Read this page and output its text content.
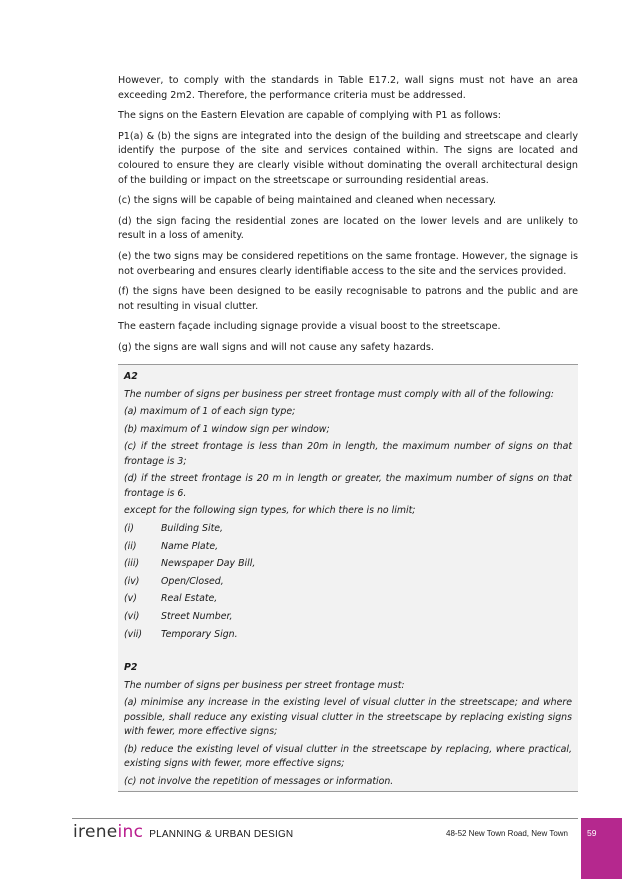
However, to comply with the standards in Table E17.2, wall signs must not have an area exceeding 2m2. Therefore, the performance criteria must be addressed.

The signs on the Eastern Elevation are capable of complying with P1 as follows:

P1(a) & (b) the signs are integrated into the design of the building and streetscape and clearly identify the purpose of the site and services contained within. The signs are located and coloured to ensure they are clearly visible without dominating the overall architectural design of the building or impact on the streetscape or surrounding residential areas.

(c) the signs will be capable of being maintained and cleaned when necessary.

(d) the sign facing the residential zones are located on the lower levels and are unlikely to result in a loss of amenity.

(e) the two signs may be considered repetitions on the same frontage. However, the signage is not overbearing and ensures clearly identifiable access to the site and the services provided.

(f) the signs have been designed to be easily recognisable to patrons and the public and are not resulting in visual clutter.

The eastern façade including signage provide a visual boost to the streetscape.

(g) the signs are wall signs and will not cause any safety hazards.

A2

The number of signs per business per street frontage must comply with all of the following:

(a) maximum of 1 of each sign type;

(b) maximum of 1 window sign per window;

(c) if the street frontage is less than 20m in length, the maximum number of signs on that frontage is 3;

(d) if the street frontage is 20 m in length or greater, the maximum number of signs on that frontage is 6.

except for the following sign types, for which there is no limit;

(i)	Building Site,
(ii)	Name Plate,
(iii)	Newspaper Day Bill,
(iv)	Open/Closed,
(v)	Real Estate,
(vi)	Street Number,
(vii)	Temporary Sign.

P2

The number of signs per business per street frontage must:

(a) minimise any increase in the existing level of visual clutter in the streetscape; and where possible, shall reduce any existing visual clutter in the streetscape by replacing existing signs with fewer, more effective signs;

(b) reduce the existing level of visual clutter in the streetscape by replacing, where practical, existing signs with fewer, more effective signs;

(c) not involve the repetition of messages or information.

irene inc PLANNING & URBAN DESIGN	48-52 New Town Road, New Town 59
